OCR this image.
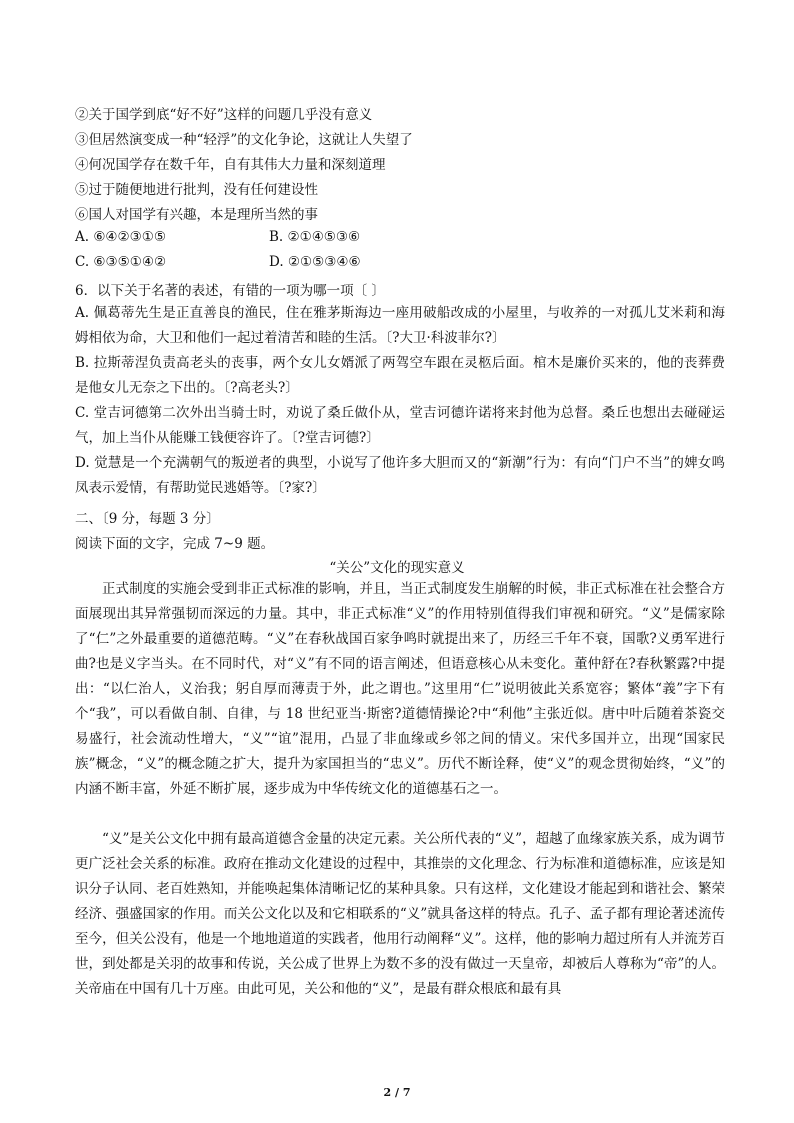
②关于国学到底“好不好”这样的问题几乎没有意义
③但居然演变成一种“轻浮”的文化争论，这就让人失望了
④何况国学存在数千年，自有其伟大力量和深刻道理
⑤过于随便地进行批判，没有任何建设性
⑥国人对国学有兴趣，本是理所当然的事
A. ⑥④②③①⑤	B. ②①④⑤③⑥
C. ⑥③⑤①④②	D. ②①⑤③④⑥
6．以下关于名著的表述，有错的一项为哪一项〔 〕
A. 佩葛蒂先生是正直善良的渔民，住在雅茅斯海边一座用破船改成的小屋里，与收养的一对孤儿艾米莉和海姆相依为命，大卫和他们一起过着清苦和睦的生活。〔?大卫·科波菲尔?〕
B. 拉斯蒂涅负责高老头的丧事，两个女儿女婿派了两驾空车跟在灵柩后面。棺木是廉价买来的，他的丧葬费是他女儿无奈之下出的。〔?高老头?〕
C. 堂吉诃德第二次外出当骑士时，劝说了桑丘做仆从，堂吉诃德许诺将来封他为总督。桑丘也想出去碰碰运气，加上当仆从能赚工钱便容许了。〔?堂吉诃德?〕
D. 觉慧是一个充满朝气的叛逆者的典型，小说写了他许多大胆而又的“新潮”行为：有向“门户不当”的婢女鸣凤表示爱情，有帮助觉民逃婚等。〔?家?〕
二、〔9 分，每题 3 分〕
阅读下面的文字，完成 7~9 题。
“关公”文化的现实意义
正式制度的实施会受到非正式标准的影响，并且，当正式制度发生崩解的时候，非正式标准在社会整合方面展现出其异常强韧而深远的力量。其中，非正式标准“义”的作用特别值得我们审视和研究。“义”是儒家除了“仁”之外最重要的道德范畴。“义”在春秋战国百家争鸣时就提出来了，历经三千年不衰，国歌?义勇军进行曲?也是义字当头。在不同时代，对“义”有不同的语言阐述，但语意核心从未变化。董仲舒在?春秋繁露?中提出：“以仁治人，义治我；躬自厚而薄责于外，此之谓也。”这里用“仁”说明彼此关系宽容；繁体“義”字下有个“我”，可以看做自制、自律，与 18 世纪亚当·斯密?道德情操论?中“利他”主张近似。唐中叶后随着茶瓷交易盛行，社会流动性增大，“义”“谊”混用，凸显了非血缘或乡邻之间的情义。宋代多国并立，出现“国家民族”概念，“义”的概念随之扩大，提升为家国担当的“忠义”。历代不断诠释，使“义”的观念贯彻始终，“义”的内涵不断丰富，外延不断扩展，逐步成为中华传统文化的道德基石之一。
“义”是关公文化中拥有最高道德含金量的决定元素。关公所代表的“义”，超越了血缘家族关系，成为调节更广泛社会关系的标准。政府在推动文化建设的过程中，其推崇的文化理念、行为标准和道德标准，应该是知识分子认同、老百姓熟知，并能唤起集体清晰记忆的某种具象。只有这样，文化建设才能起到和谐社会、繁荣经济、强盛国家的作用。而关公文化以及和它相联系的“义”就具备这样的特点。孔子、孟子都有理论著述流传至今，但关公没有，他是一个地地道道的实践者，他用行动阐释“义”。这样，他的影响力超过所有人并流芳百世，到处都是关羽的故事和传说，关公成了世界上为数不多的没有做过一天皇帝，却被后人尊称为“帝”的人。关帝庙在中国有几十万座。由此可见，关公和他的“义”，是最有群众根底和最有具
2 / 7
